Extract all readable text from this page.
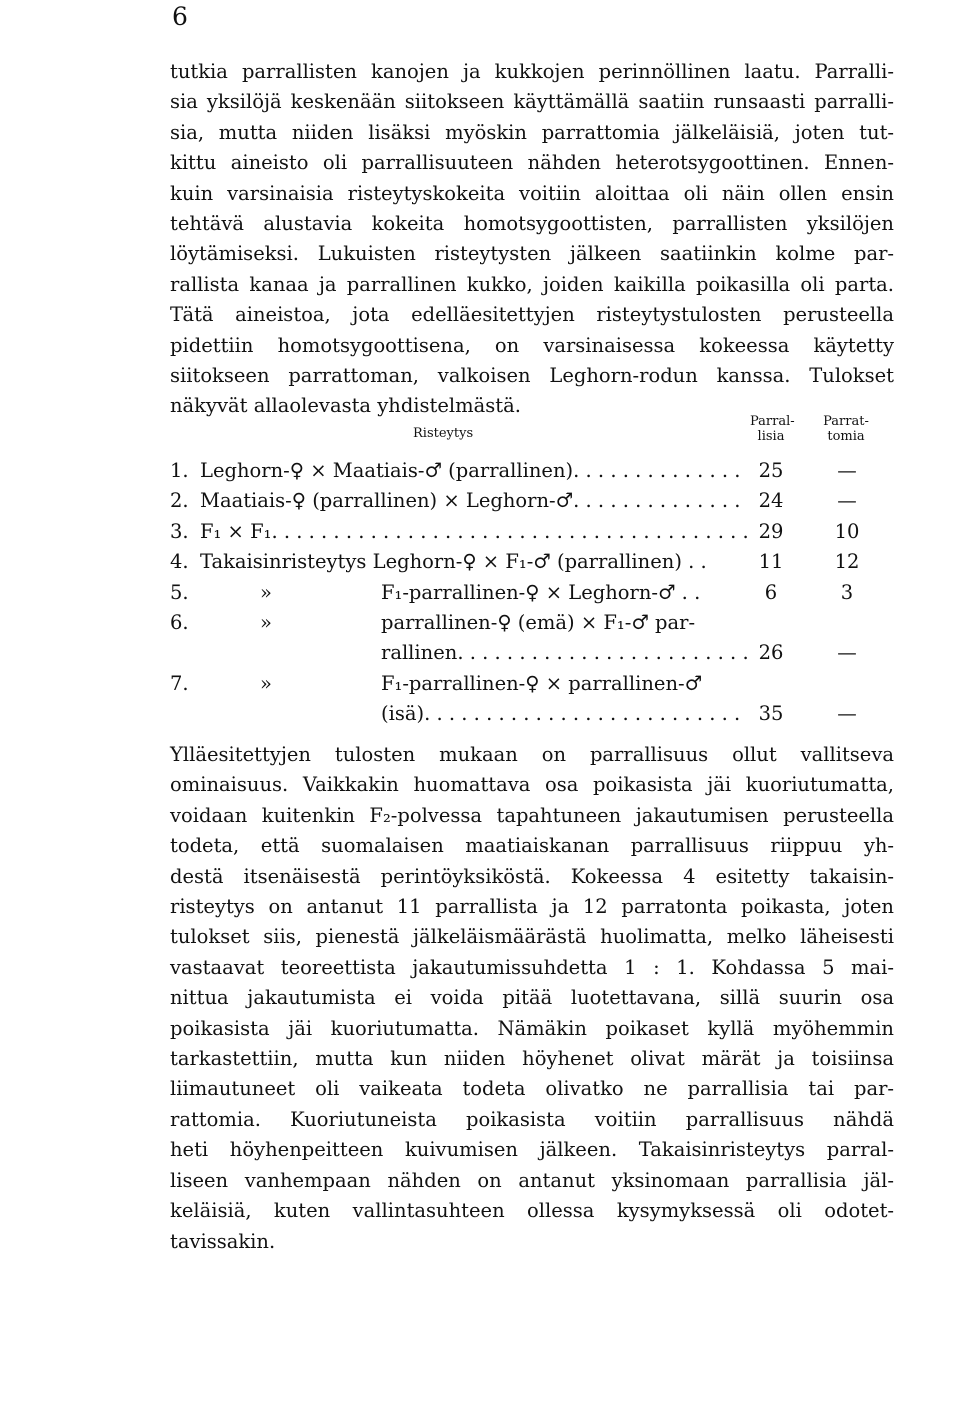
6
tutkia parrallisten kanojen ja kukkojen perinnöllinen laatu. Parralli-
sia yksilöjä keskenään siitokseen käyttämällä saatiin runsaasti parralli-
sia, mutta niiden lisäksi myöskin parrattomia jälkeläisiä, joten tut-
kittu aineisto oli parrallisuuteen nähden heterotsygoottinen. Ennen-
kuin varsinaisia risteytyskokeita voitiin aloittaa oli näin ollen ensin
tehtävä alustavia kokeita homotsygoottisten, parrallisten yksilöjen
löytämiseksi. Lukuisten risteytysten jälkeen saatiinkin kolme par-
rallista kanaa ja parrallinen kukko, joiden kaikilla poikasilla oli parta.
Tätä aineistoa, jota edelläesitettyjen risteytystulosten perusteella
pidettiin homotsygoottisena, on varsinaisessa kokeessa käytetty
siitokseen parrattoman, valkoisen Leghorn-rodun kanssa. Tulokset
näkyvät allaolevasta yhdistelmästä.
Risteytys
Parral-
lisia
Parrat-
tomia
1. Leghorn-♀ × Maatiais-♂ (parrallinen) . . .	25	—
2. Maatiais-♀ (parrallinen) × Leghorn-♂ . . .	24	—
3. F₁ × F₁ . . .	29	10
4. Takaisinristeytys Leghorn-♀ × F₁-♂ (parrallinen) . .	11	12
5.	»	F₁-parrallinen-♀ × Leghorn-♂ . .	6	3
6.	»	parrallinen-♀ (emä) × F₁-♂ par-
rallinen . . .	26	—
7.	»	F₁-parrallinen-♀ × parrallinen-♂
(isä) . . .	35	—
Ylläesitettyjen tulosten mukaan on parrallisuus ollut vallitseva
ominaisuus. Vaikkakin huomattava osa poikasista jäi kuoriutumatta,
voidaan kuitenkin F₂-polvessa tapahtuneen jakautumisen perusteella
todeta, että suomalaisen maatiaiskanan parrallisuus riippuu yh-
destä itsenäisestä perintöyksiköstä. Kokeessa 4 esitetty takaisin-
risteytys on antanut 11 parrallista ja 12 parratonta poikasta, joten
tulokset siis, pienestä jälkeläismäärästä huolimatta, melko läheisesti
vastaavat teoreettista jakautumissuhdetta 1 : 1. Kohdassa 5 mai-
nittua jakautumista ei voida pitää luotettavana, sillä suurin osa
poikasista jäi kuoriutumatta. Nämäkin poikaset kyllä myöhemmin
tarkastettiin, mutta kun niiden höyhenet olivat märät ja toisiinsa
liimautuneet oli vaikeata todeta olivatko ne parrallisia tai par-
rattomia. Kuoriutuneista poikasista voitiin parrallisuus nähdä
heti höyhenpeitteen kuivumisen jälkeen. Takaisinristeytys parral-
liseen vanhempaan nähden on antanut yksinomaan parrallisia jäl-
keläisiä, kuten vallintasuhteen ollessa kysymyksessä oli odotet-
tavissakin.
